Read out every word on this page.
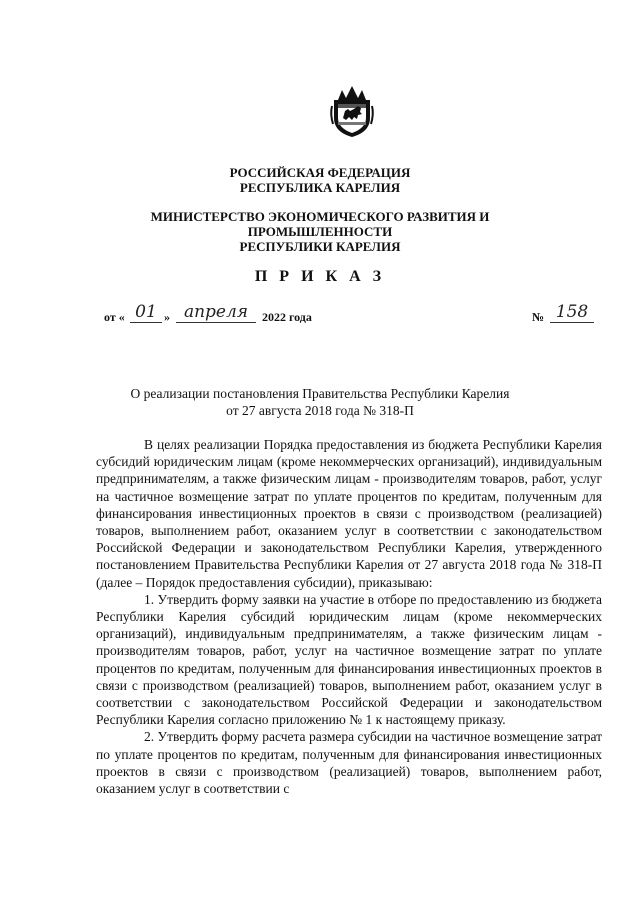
РОССИЙСКАЯ ФЕДЕРАЦИЯ
РЕСПУБЛИКА КАРЕЛИЯ
МИНИСТЕРСТВО ЭКОНОМИЧЕСКОГО РАЗВИТИЯ И
ПРОМЫШЛЕННОСТИ
РЕСПУБЛИКИ КАРЕЛИЯ
П Р И К А З
от « 01 » апреля	2022 года	№ 158
О реализации постановления Правительства Республики Карелия
от 27 августа 2018 года № 318-П

В целях реализации Порядка предоставления из бюджета Республики Карелия субсидий юридическим лицам (кроме некоммерческих организаций), индивидуальным предпринимателям, а также физическим лицам - производителям товаров, работ, услуг на частичное возмещение затрат по уплате процентов по кредитам, полученным для финансирования инвестиционных проектов в связи с производством (реализацией) товаров, выполнением работ, оказанием услуг в соответствии с законодательством Российской Федерации и законодательством Республики Карелия, утвержденного постановлением Правительства Республики Карелия от 27 августа 2018 года № 318-П (далее – Порядок предоставления субсидии), приказываю:

1. Утвердить форму заявки на участие в отборе по предоставлению из бюджета Республики Карелия субсидий юридическим лицам (кроме некоммерческих организаций), индивидуальным предпринимателям, а также физическим лицам - производителям товаров, работ, услуг на частичное возмещение затрат по уплате процентов по кредитам, полученным для финансирования инвестиционных проектов в связи с производством (реализацией) товаров, выполнением работ, оказанием услуг в соответствии с законодательством Российской Федерации и законодательством Республики Карелия согласно приложению № 1 к настоящему приказу.

2. Утвердить форму расчета размера субсидии на частичное возмещение затрат по уплате процентов по кредитам, полученным для финансирования инвестиционных проектов в связи с производством (реализацией) товаров, выполнением работ, оказанием услуг в соответствии с
